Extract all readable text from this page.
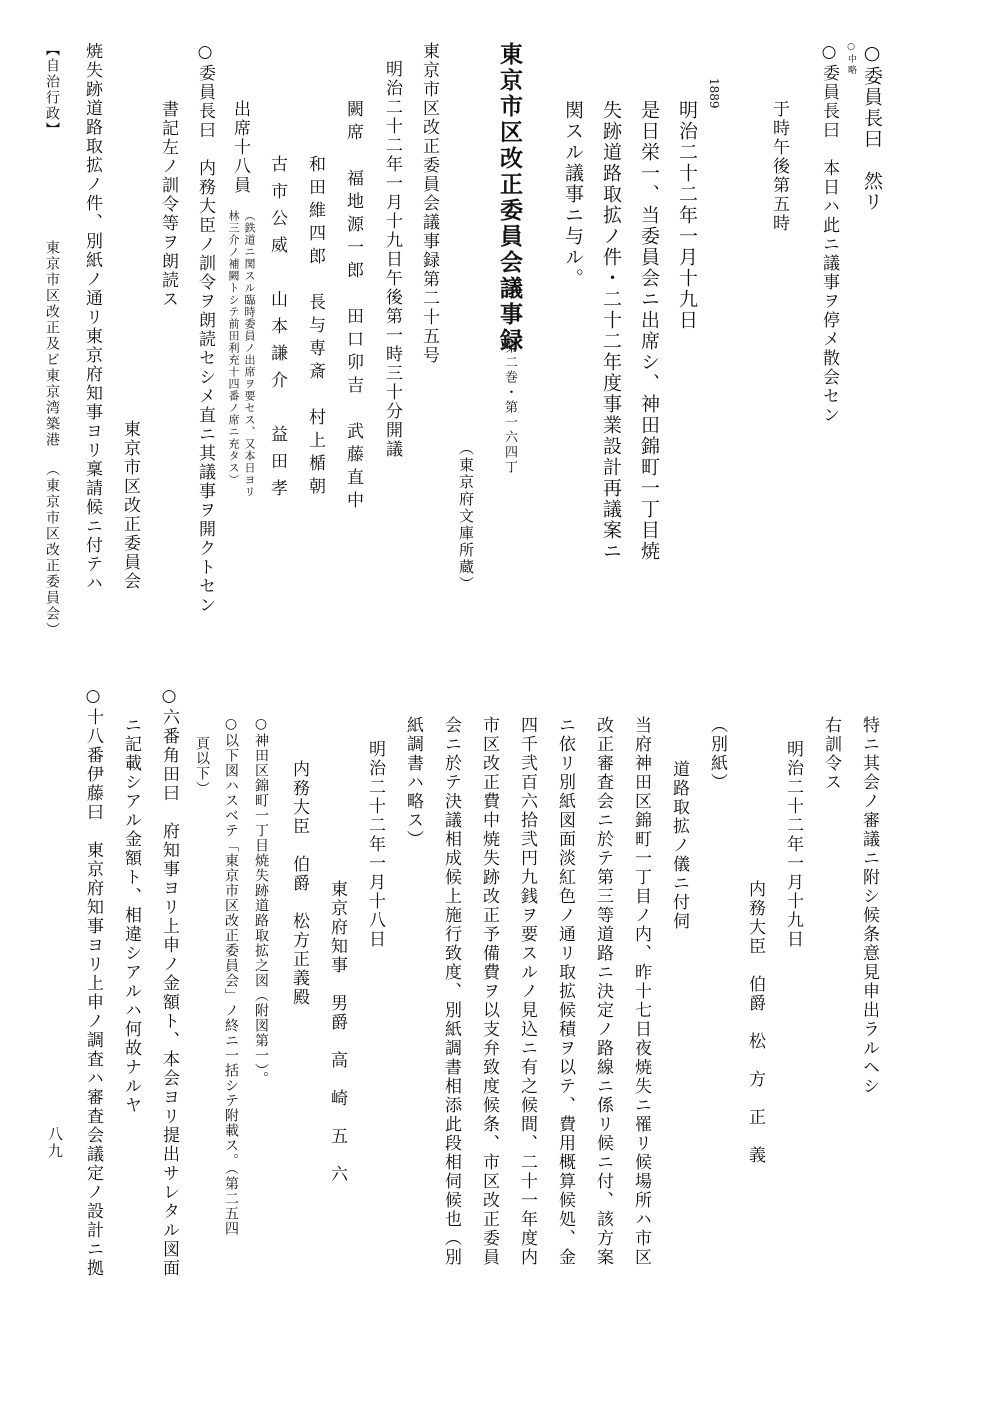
○委員長曰　然リ
○中略
○委員長曰　本日ハ此ニ議事ヲ停メ散会セン
于時午後第五時
1889
明治二十二年一月十九日
是日栄一、当委員会ニ出席シ、神田錦町一丁目焼
失跡道路取拡ノ件・二十二年度事業設計再議案ニ
関スル議事ニ与ル。
東京市区改正委員会議事録
第二巻・第一六四丁
（東京府文庫所蔵）
東京市区改正委員会議事録第二十五号
明治二十二年一月十九日午後第一時三十分開議
闕席　福地源一郎　田口卯吉　武藤直中
和田維四郎　長与専斎　村上楯朝
古市公威　山本謙介　益田孝
出席十八員
（鉄道ニ関スル臨時委員ノ出席ヲ要セス、又本日ヨリ
林三介ノ補闕トシテ前田利充十四番ノ席ニ充タス）
○委員長曰　内務大臣ノ訓令ヲ朗読セシメ直ニ其議事ヲ開クトセン
書記左ノ訓令等ヲ朗読ス
東京市区改正委員会
焼失跡道路取拡ノ件、別紙ノ通リ東京府知事ヨリ稟請候ニ付テハ
【自治行政】
東京市区改正及ビ東京湾築港
（東京市区改正委員会）
特ニ其会ノ審議ニ附シ候条意見申出ラルヘシ
右訓令ス
明治二十二年一月十九日
内務大臣　伯爵　松　方　正　義
（別紙）
道路取拡ノ儀ニ付伺
当府神田区錦町一丁目ノ内、昨十七日夜焼失ニ罹リ候場所ハ市区
改正審査会ニ於テ第三等道路ニ決定ノ路線ニ係リ候ニ付、該方案
ニ依リ別紙図面淡紅色ノ通リ取拡候積ヲ以テ、費用概算候処、金
四千弐百六拾弐円九銭ヲ要スルノ見込ニ有之候間、二十一年度内
市区改正費中焼失跡改正予備費ヲ以支弁致度候条、市区改正委員
会ニ於テ決議相成候上施行致度、別紙調書相添此段相伺候也（別
紙調書ハ略ス）
明治二十二年一月十八日
東京府知事　男爵　高　崎　五　六
内務大臣　伯爵　松方正義殿
○神田区錦町一丁目焼失跡道路取拡之図（附図第一）。
○以下図ハスベテ「東京市区改正委員会」ノ終ニ一括シテ附載ス。（第二五四
頁以下）
○六番角田曰　府知事ヨリ上申ノ金額ト、本会ヨリ提出サレタル図面
ニ記載シアル金額ト、相違シアルハ何故ナルヤ
○十八番伊藤曰　東京府知事ヨリ上申ノ調査ハ審査会議定ノ設計ニ拠
八九
